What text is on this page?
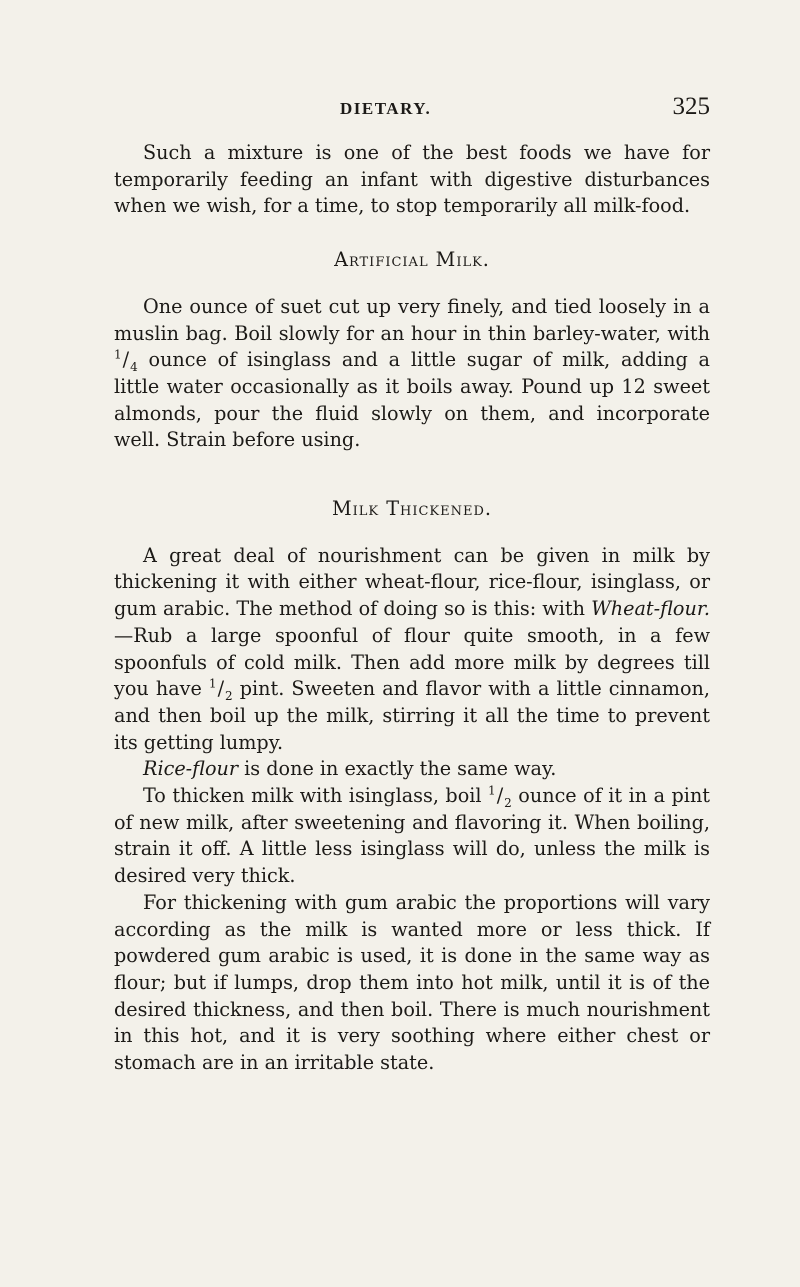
DIETARY.	325

Such a mixture is one of the best foods we have for temporarily feeding an infant with digestive disturbances when we wish, for a time, to stop temporarily all milk-food.

Artificial Milk.

One ounce of suet cut up very finely, and tied loosely in a muslin bag. Boil slowly for an hour in thin barley-water, with $^1/_4$ ounce of isinglass and a little sugar of milk, adding a little water occasionally as it boils away. Pound up 12 sweet almonds, pour the fluid slowly on them, and incorporate well. Strain before using.

Milk Thickened.

A great deal of nourishment can be given in milk by thickening it with either wheat-flour, rice-flour, isinglass, or gum arabic. The method of doing so is this: with Wheat-flour.—Rub a large spoonful of flour quite smooth, in a few spoonfuls of cold milk. Then add more milk by degrees till you have $^1/_2$ pint. Sweeten and flavor with a little cinnamon, and then boil up the milk, stirring it all the time to prevent its getting lumpy.

Rice-flour is done in exactly the same way.

To thicken milk with isinglass, boil $^1/_2$ ounce of it in a pint of new milk, after sweetening and flavoring it. When boiling, strain it off. A little less isinglass will do, unless the milk is desired very thick.

For thickening with gum arabic the proportions will vary according as the milk is wanted more or less thick. If powdered gum arabic is used, it is done in the same way as flour; but if lumps, drop them into hot milk, until it is of the desired thickness, and then boil. There is much nourishment in this hot, and it is very soothing where either chest or stomach are in an irritable state.
